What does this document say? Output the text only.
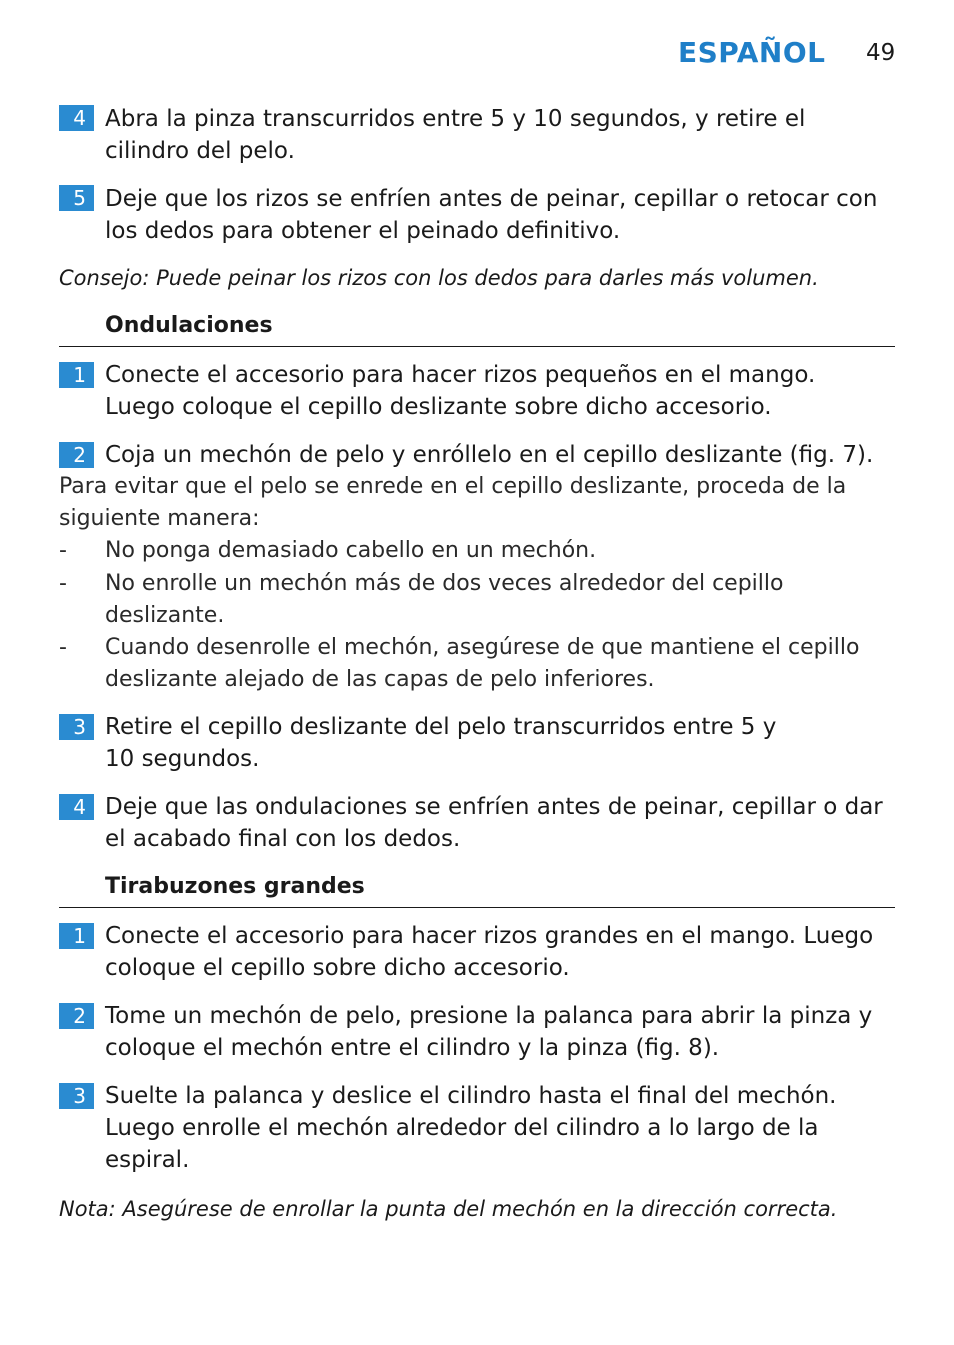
ESPAÑOL 49
4 Abra la pinza transcurridos entre 5 y 10 segundos, y retire el
cilindro del pelo.
5 Deje que los rizos se enfríen antes de peinar, cepillar o retocar con
los dedos para obtener el peinado definitivo.
Consejo: Puede peinar los rizos con los dedos para darles más volumen.
Ondulaciones
1 Conecte el accesorio para hacer rizos pequeños en el mango.
Luego coloque el cepillo deslizante sobre dicho accesorio.
2 Coja un mechón de pelo y enróllelo en el cepillo deslizante (fig. 7).
Para evitar que el pelo se enrede en el cepillo deslizante, proceda de la
siguiente manera:
- No ponga demasiado cabello en un mechón.
- No enrolle un mechón más de dos veces alrededor del cepillo
deslizante.
- Cuando desenrolle el mechón, asegúrese de que mantiene el cepillo
deslizante alejado de las capas de pelo inferiores.
3 Retire el cepillo deslizante del pelo transcurridos entre 5 y
10 segundos.
4 Deje que las ondulaciones se enfríen antes de peinar, cepillar o dar
el acabado final con los dedos.
Tirabuzones grandes
1 Conecte el accesorio para hacer rizos grandes en el mango. Luego
coloque el cepillo sobre dicho accesorio.
2 Tome un mechón de pelo, presione la palanca para abrir la pinza y
coloque el mechón entre el cilindro y la pinza (fig. 8).
3 Suelte la palanca y deslice el cilindro hasta el final del mechón.
Luego enrolle el mechón alrededor del cilindro a lo largo de la
espiral.
Nota: Asegúrese de enrollar la punta del mechón en la dirección correcta.
